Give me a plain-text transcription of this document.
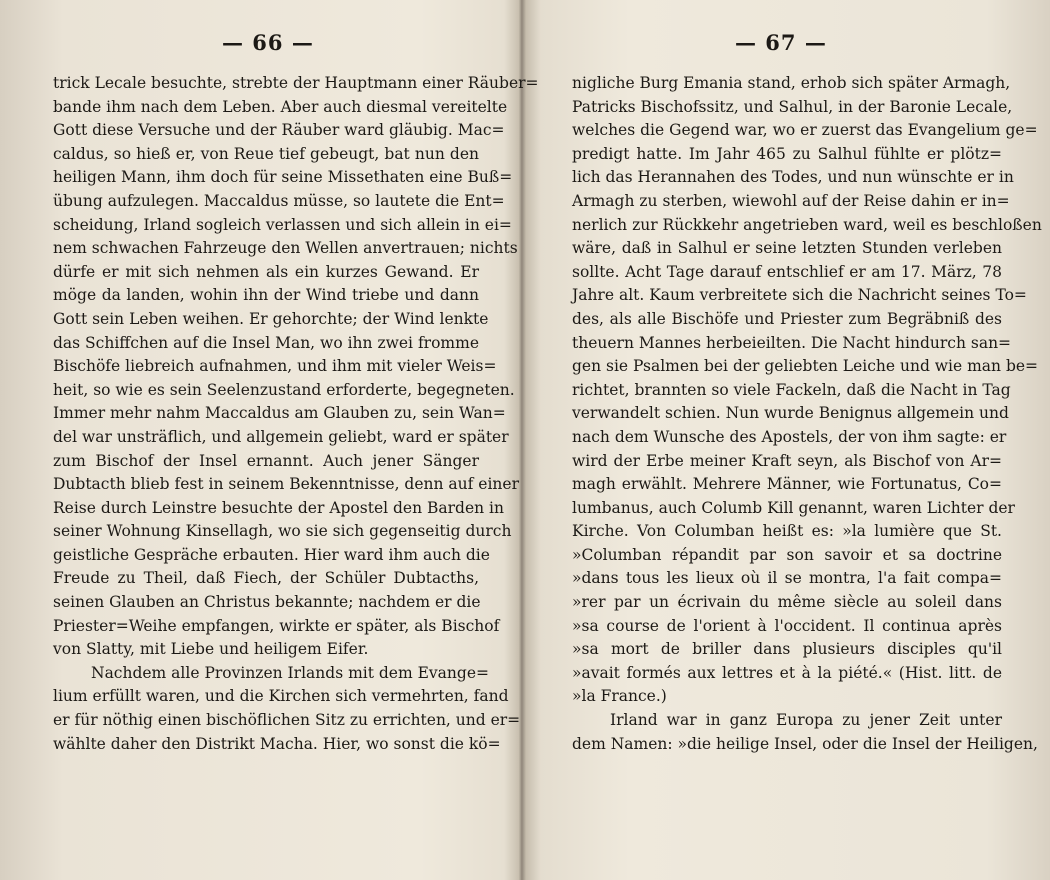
— 66 —
trick Lecale besuchte, strebte der Hauptmann einer Räuber=
bande ihm nach dem Leben. Aber auch diesmal vereitelte
Gott diese Versuche und der Räuber ward gläubig. Mac=
caldus, so hieß er, von Reue tief gebeugt, bat nun den
heiligen Mann, ihm doch für seine Missethaten eine Buß=
übung aufzulegen. Maccaldus müsse, so lautete die Ent=
scheidung, Irland sogleich verlassen und sich allein in ei=
nem schwachen Fahrzeuge den Wellen anvertrauen; nichts
dürfe er mit sich nehmen als ein kurzes Gewand. Er
möge da landen, wohin ihn der Wind triebe und dann
Gott sein Leben weihen. Er gehorchte; der Wind lenkte
das Schiffchen auf die Insel Man, wo ihn zwei fromme
Bischöfe liebreich aufnahmen, und ihm mit vieler Weis=
heit, so wie es sein Seelenzustand erforderte, begegneten.
Immer mehr nahm Maccaldus am Glauben zu, sein Wan=
del war unsträflich, und allgemein geliebt, ward er später
zum Bischof der Insel ernannt. Auch jener Sänger
Dubtacth blieb fest in seinem Bekenntnisse, denn auf einer
Reise durch Leinstre besuchte der Apostel den Barden in
seiner Wohnung Kinsellagh, wo sie sich gegenseitig durch
geistliche Gespräche erbauten. Hier ward ihm auch die
Freude zu Theil, daß Fiech, der Schüler Dubtacths,
seinen Glauben an Christus bekannte; nachdem er die
Priester=Weihe empfangen, wirkte er später, als Bischof
von Slatty, mit Liebe und heiligem Eifer.
Nachdem alle Provinzen Irlands mit dem Evange=
lium erfüllt waren, und die Kirchen sich vermehrten, fand
er für nöthig einen bischöflichen Sitz zu errichten, und er=
wählte daher den Distrikt Macha. Hier, wo sonst die kö=
— 67 —
nigliche Burg Emania stand, erhob sich später Armagh,
Patricks Bischofssitz, und Salhul, in der Baronie Lecale,
welches die Gegend war, wo er zuerst das Evangelium ge=
predigt hatte. Im Jahr 465 zu Salhul fühlte er plötz=
lich das Herannahen des Todes, und nun wünschte er in
Armagh zu sterben, wiewohl auf der Reise dahin er in=
nerlich zur Rückkehr angetrieben ward, weil es beschloßen
wäre, daß in Salhul er seine letzten Stunden verleben
sollte. Acht Tage darauf entschlief er am 17. März, 78
Jahre alt. Kaum verbreitete sich die Nachricht seines To=
des, als alle Bischöfe und Priester zum Begräbniß des
theuern Mannes herbeieilten. Die Nacht hindurch san=
gen sie Psalmen bei der geliebten Leiche und wie man be=
richtet, brannten so viele Fackeln, daß die Nacht in Tag
verwandelt schien. Nun wurde Benignus allgemein und
nach dem Wunsche des Apostels, der von ihm sagte: er
wird der Erbe meiner Kraft seyn, als Bischof von Ar=
magh erwählt. Mehrere Männer, wie Fortunatus, Co=
lumbanus, auch Columb Kill genannt, waren Lichter der
Kirche. Von Columban heißt es: »la lumière que St.
»Columban répandit par son savoir et sa doctrine
»dans tous les lieux où il se montra, l'a fait compa=
»rer par un écrivain du même siècle au soleil dans
»sa course de l'orient à l'occident. Il continua après
»sa mort de briller dans plusieurs disciples qu'il
»avait formés aux lettres et à la piété.« (Hist. litt. de
»la France.)
Irland war in ganz Europa zu jener Zeit unter
dem Namen: »die heilige Insel, oder die Insel der Heiligen,
